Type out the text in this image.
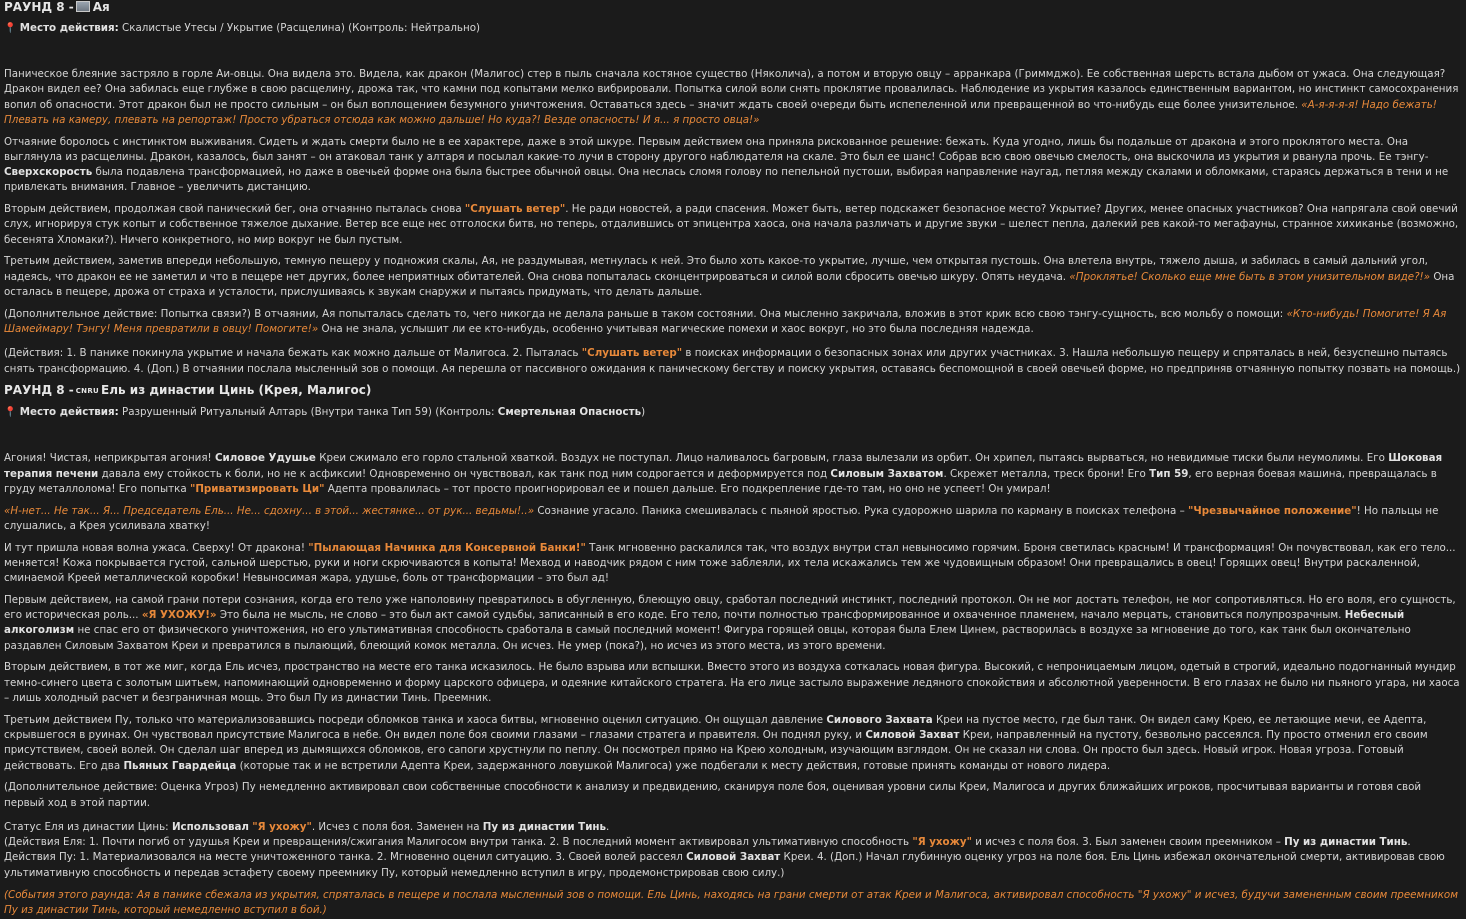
РАУНД 8 - Ая
📍 Место действия: Скалистые Утесы / Укрытие (Расщелина) (Контроль: Нейтрально)

Паническое блеяние застряло в горле Аи-овцы. Она видела это. Видела, как дракон (Малигос) стер в пыль сначала костяное существо (Няколича), а потом и вторую овцу – арранкара (Гриммджо). Ее собственная шерсть встала дыбом от ужаса. Она следующая? Дракон видел ее? Она забилась еще глубже в свою расщелину, дрожа так, что камни под копытами мелко вибрировали. Попытка силой воли снять проклятие провалилась. Наблюдение из укрытия казалось единственным вариантом, но инстинкт самосохранения вопил об опасности. Этот дракон был не просто сильным – он был воплощением безумного уничтожения. Оставаться здесь – значит ждать своей очереди быть испепеленной или превращенной во что-нибудь еще более унизительное. «А-я-я-я-я! Надо бежать! Плевать на камеру, плевать на репортаж! Просто убраться отсюда как можно дальше! Но куда?! Везде опасность! И я... я просто овца!»

Отчаяние боролось с инстинктом выживания. Сидеть и ждать смерти было не в ее характере, даже в этой шкуре. Первым действием она приняла рискованное решение: бежать. Куда угодно, лишь бы подальше от дракона и этого проклятого места. Она выглянула из расщелины. Дракон, казалось, был занят – он атаковал танк у алтаря и посылал какие-то лучи в сторону другого наблюдателя на скале. Это был ее шанс! Собрав всю свою овечью смелость, она выскочила из укрытия и рванула прочь. Ее тэнгу-Сверхскорость была подавлена трансформацией, но даже в овечьей форме она была быстрее обычной овцы. Она неслась сломя голову по пепельной пустоши, выбирая направление наугад, петляя между скалами и обломками, стараясь держаться в тени и не привлекать внимания. Главное – увеличить дистанцию.

Вторым действием, продолжая свой панический бег, она отчаянно пыталась снова "Слушать ветер". Не ради новостей, а ради спасения. Может быть, ветер подскажет безопасное место? Укрытие? Других, менее опасных участников? Она напрягала свой овечий слух, игнорируя стук копыт и собственное тяжелое дыхание. Ветер все еще нес отголоски битв, но теперь, отдалившись от эпицентра хаоса, она начала различать и другие звуки – шелест пепла, далекий рев какой-то мегафауны, странное хихиканье (возможно, бесенята Хломаки?). Ничего конкретного, но мир вокруг не был пустым.

Третьим действием, заметив впереди небольшую, темную пещеру у подножия скалы, Ая, не раздумывая, метнулась к ней. Это было хоть какое-то укрытие, лучше, чем открытая пустошь. Она влетела внутрь, тяжело дыша, и забилась в самый дальний угол, надеясь, что дракон ее не заметил и что в пещере нет других, более неприятных обитателей. Она снова попыталась сконцентрироваться и силой воли сбросить овечью шкуру. Опять неудача. «Проклятье! Сколько еще мне быть в этом унизительном виде?!» Она осталась в пещере, дрожа от страха и усталости, прислушиваясь к звукам снаружи и пытаясь придумать, что делать дальше.

(Дополнительное действие: Попытка связи?) В отчаянии, Ая попыталась сделать то, чего никогда не делала раньше в таком состоянии. Она мысленно закричала, вложив в этот крик всю свою тэнгу-сущность, всю мольбу о помощи: «Кто-нибудь! Помогите! Я Ая Шамеймару! Тэнгу! Меня превратили в овцу! Помогите!» Она не знала, услышит ли ее кто-нибудь, особенно учитывая магические помехи и хаос вокруг, но это была последняя надежда.

(Действия: 1. В панике покинула укрытие и начала бежать как можно дальше от Малигоса. 2. Пыталась "Слушать ветер" в поисках информации о безопасных зонах или других участниках. 3. Нашла небольшую пещеру и спряталась в ней, безуспешно пытаясь снять трансформацию. 4. (Доп.) В отчаянии послала мысленный зов о помощи. Ая перешла от пассивного ожидания к паническому бегству и поиску укрытия, оставаясь беспомощной в своей овечьей форме, но предприняв отчаянную попытку позвать на помощь.)

РАУНД 8 - CNRU Ель из династии Цинь (Крея, Малигос)
📍 Место действия: Разрушенный Ритуальный Алтарь (Внутри танка Тип 59) (Контроль: Смертельная Опасность)

Агония! Чистая, неприкрытая агония! Силовое Удушье Креи сжимало его горло стальной хваткой. Воздух не поступал. Лицо наливалось багровым, глаза вылезали из орбит. Он хрипел, пытаясь вырваться, но невидимые тиски были неумолимы. Его Шоковая терапия печени давала ему стойкость к боли, но не к асфиксии! Одновременно он чувствовал, как танк под ним содрогается и деформируется под Силовым Захватом. Скрежет металла, треск брони! Его Тип 59, его верная боевая машина, превращалась в груду металлолома! Его попытка "Приватизировать Ци" Адепта провалилась – тот просто проигнорировал ее и пошел дальше. Его подкрепление где-то там, но оно не успеет! Он умирал!

«Н-нет... Не так... Я... Председатель Ель... Не... сдохну... в этой... жестянке... от рук... ведьмы!..» Сознание угасало. Паника смешивалась с пьяной яростью. Рука судорожно шарила по карману в поисках телефона – "Чрезвычайное положение"! Но пальцы не слушались, а Крея усиливала хватку!

И тут пришла новая волна ужаса. Сверху! От дракона! "Пылающая Начинка для Консервной Банки!" Танк мгновенно раскалился так, что воздух внутри стал невыносимо горячим. Броня светилась красным! И трансформация! Он почувствовал, как его тело... меняется! Кожа покрывается густой, сальной шерстью, руки и ноги скрючиваются в копыта! Мехвод и наводчик рядом с ним тоже заблеяли, их тела искажались тем же чудовищным образом! Они превращались в овец! Горящих овец! Внутри раскаленной, сминаемой Креей металлической коробки! Невыносимая жара, удушье, боль от трансформации – это был ад!

Первым действием, на самой грани потери сознания, когда его тело уже наполовину превратилось в обугленную, блеющую овцу, сработал последний инстинкт, последний протокол. Он не мог достать телефон, не мог сопротивляться. Но его воля, его сущность, его историческая роль... «Я УХОЖУ!» Это была не мысль, не слово – это был акт самой судьбы, записанный в его коде. Его тело, почти полностью трансформированное и охваченное пламенем, начало мерцать, становиться полупрозрачным. Небесный алкоголизм не спас его от физического уничтожения, но его ультимативная способность сработала в самый последний момент! Фигура горящей овцы, которая была Елем Цинем, растворилась в воздухе за мгновение до того, как танк был окончательно раздавлен Силовым Захватом Креи и превратился в пылающий, блеющий комок металла. Он исчез. Не умер (пока?), но исчез из этого места, из этого времени.

Вторым действием, в тот же миг, когда Ель исчез, пространство на месте его танка исказилось. Не было взрыва или вспышки. Вместо этого из воздуха соткалась новая фигура. Высокий, с непроницаемым лицом, одетый в строгий, идеально подогнанный мундир темно-синего цвета с золотым шитьем, напоминающий одновременно и форму царского офицера, и одеяние китайского стратега. На его лице застыло выражение ледяного спокойствия и абсолютной уверенности. В его глазах не было ни пьяного угара, ни хаоса – лишь холодный расчет и безграничная мощь. Это был Пу из династии Тинь. Преемник.

Третьим действием Пу, только что материализовавшись посреди обломков танка и хаоса битвы, мгновенно оценил ситуацию. Он ощущал давление Силового Захвата Креи на пустое место, где был танк. Он видел саму Крею, ее летающие мечи, ее Адепта, скрывшегося в руинах. Он чувствовал присутствие Малигоса в небе. Он видел поле боя своими глазами – глазами стратега и правителя. Он поднял руку, и Силовой Захват Креи, направленный на пустоту, безвольно рассеялся. Пу просто отменил его своим присутствием, своей волей. Он сделал шаг вперед из дымящихся обломков, его сапоги хрустнули по пеплу. Он посмотрел прямо на Крею холодным, изучающим взглядом. Он не сказал ни слова. Он просто был здесь. Новый игрок. Новая угроза. Готовый действовать. Его два Пьяных Гвардейца (которые так и не встретили Адепта Креи, задержанного ловушкой Малигоса) уже подбегали к месту действия, готовые принять команды от нового лидера.

(Дополнительное действие: Оценка Угроз) Пу немедленно активировал свои собственные способности к анализу и предвидению, сканируя поле боя, оценивая уровни силы Креи, Малигоса и других ближайших игроков, просчитывая варианты и готовя свой первый ход в этой партии.

Статус Еля из династии Цинь: Использовал "Я ухожу". Исчез с поля боя. Заменен на Пу из династии Тинь.

(Действия Еля: 1. Почти погиб от удушья Креи и превращения/сжигания Малигосом внутри танка. 2. В последний момент активировал ультимативную способность "Я ухожу" и исчез с поля боя. 3. Был заменен своим преемником – Пу из династии Тинь. Действия Пу: 1. Материализовался на месте уничтоженного танка. 2. Мгновенно оценил ситуацию. 3. Своей волей рассеял Силовой Захват Креи. 4. (Доп.) Начал глубинную оценку угроз на поле боя. Ель Цинь избежал окончательной смерти, активировав свою ультимативную способность и передав эстафету своему преемнику Пу, который немедленно вступил в игру, продемонстрировав свою силу.)

(События этого раунда: Ая в панике сбежала из укрытия, спряталась в пещере и послала мысленный зов о помощи. Ель Цинь, находясь на грани смерти от атак Креи и Малигоса, активировал способность "Я ухожу" и исчез, будучи замененным своим преемником Пу из династии Тинь, который немедленно вступил в бой.)
